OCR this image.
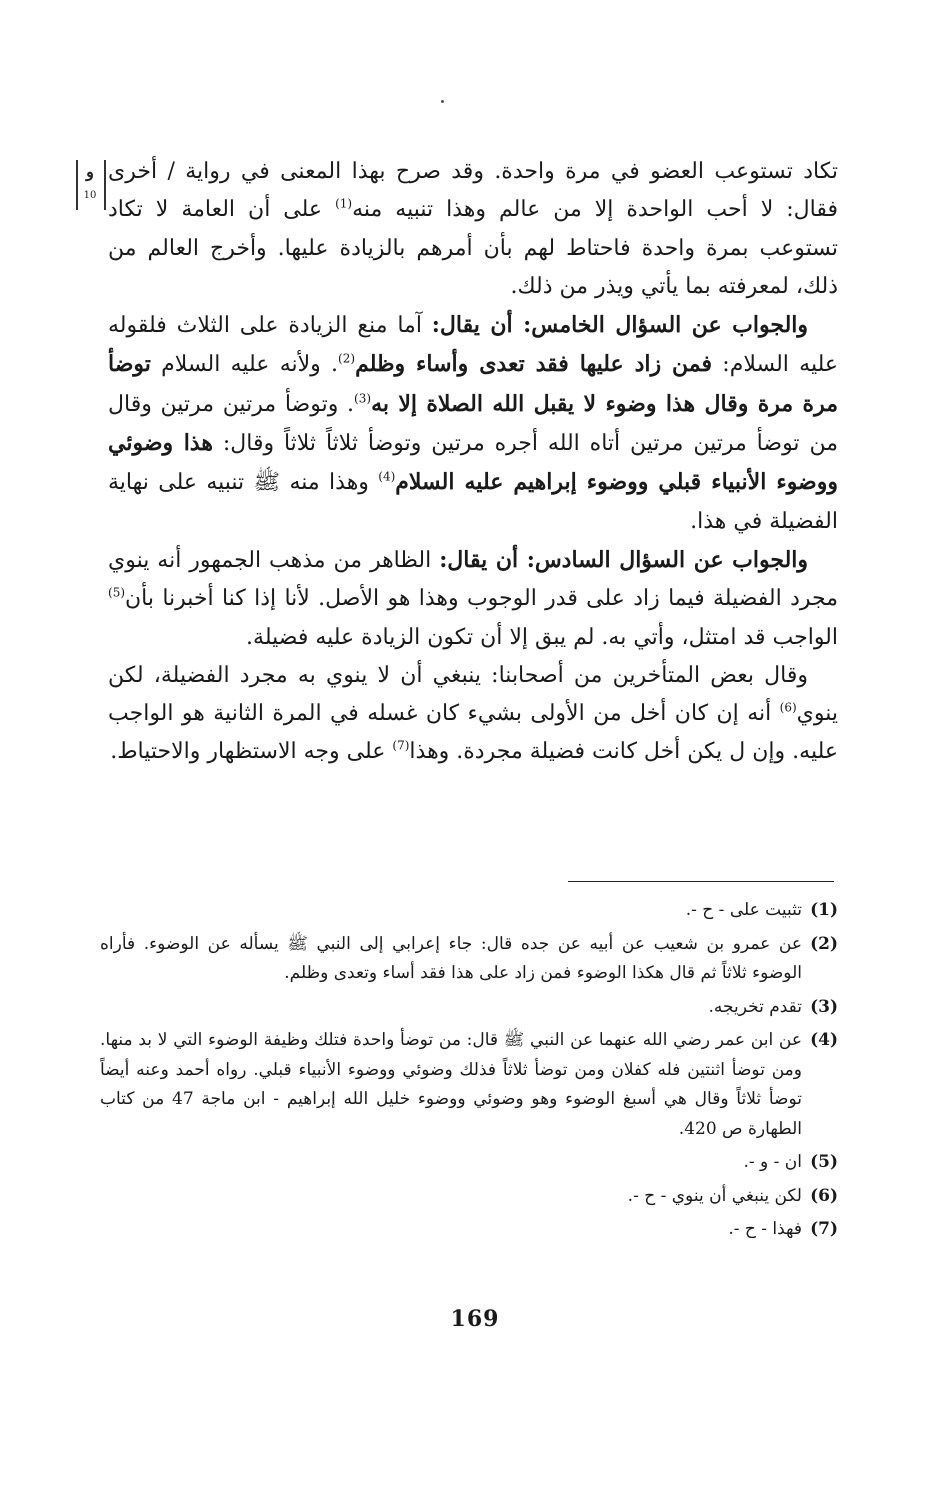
و
10

تكاد تستوعب العضو في مرة واحدة. وقد صرح بهذا المعنى في رواية / أخرى فقال: لا أحب الواحدة إلا من عالم وهذا تنبيه منه$^{(1)}$ على أن العامة لا تكاد تستوعب بمرة واحدة فاحتاط لهم بأن أمرهم بالزيادة عليها. وأخرج العالم من ذلك، لمعرفته بما يأتي ويذر من ذلك.

والجواب عن السؤال الخامس: أن يقال: آما منع الزيادة على الثلاث فلقوله عليه السلام: فمن زاد عليها فقد تعدى وأساء وظلم$^{(2)}$. ولأنه عليه السلام توضأ مرة مرة وقال هذا وضوء لا يقبل الله الصلاة إلا به$^{(3)}$. وتوضأ مرتين مرتين وقال من توضأ مرتين مرتين أتاه الله أجره مرتين وتوضأ ثلاثاً ثلاثاً وقال: هذا وضوئي ووضوء الأنبياء قبلي ووضوء إبراهيم عليه السلام$^{(4)}$ وهذا منه ﷺ تنبيه على نهاية الفضيلة في هذا.

والجواب عن السؤال السادس: أن يقال: الظاهر من مذهب الجمهور أنه ينوي مجرد الفضيلة فيما زاد على قدر الوجوب وهذا هو الأصل. لأنا إذا كنا أخبرنا بأن$^{(5)}$ الواجب قد امتثل، وأتي به. لم يبق إلا أن تكون الزيادة عليه فضيلة.

وقال بعض المتأخرين من أصحابنا: ينبغي أن لا ينوي به مجرد الفضيلة، لكن ينوي$^{(6)}$ أنه إن كان أخل من الأولى بشيء كان غسله في المرة الثانية هو الواجب عليه. وإن ل يكن أخل كانت فضيلة مجردة. وهذا$^{(7)}$ على وجه الاستظهار والاحتياط.

(1)
تثبيت على - ح -.
(2)
عن عمرو بن شعيب عن أبيه عن جده قال: جاء إعرابي إلى النبي ﷺ يسأله عن الوضوء. فأراه الوضوء ثلاثاً ثم قال هكذا الوضوء فمن زاد على هذا فقد أساء وتعدى وظلم.
(3)
تقدم تخريجه.
(4)
عن ابن عمر رضي الله عنهما عن النبي ﷺ قال: من توضأ واحدة فتلك وظيفة الوضوء التي لا بد منها. ومن توضأ اثنتين فله كفلان ومن توضأ ثلاثاً فذلك وضوئي ووضوء الأنبياء قبلي. رواه أحمد وعنه أيضاً توضأ ثلاثاً وقال هي أسبغ الوضوء وهو وضوئي ووضوء خليل الله إبراهيم - ابن ماجة 47 من كتاب الطهارة ص 420.
(5)
ان - و -.
(6)
لكن ينبغي أن ينوي - ح -.
(7)
فهذا - ح -.
169
